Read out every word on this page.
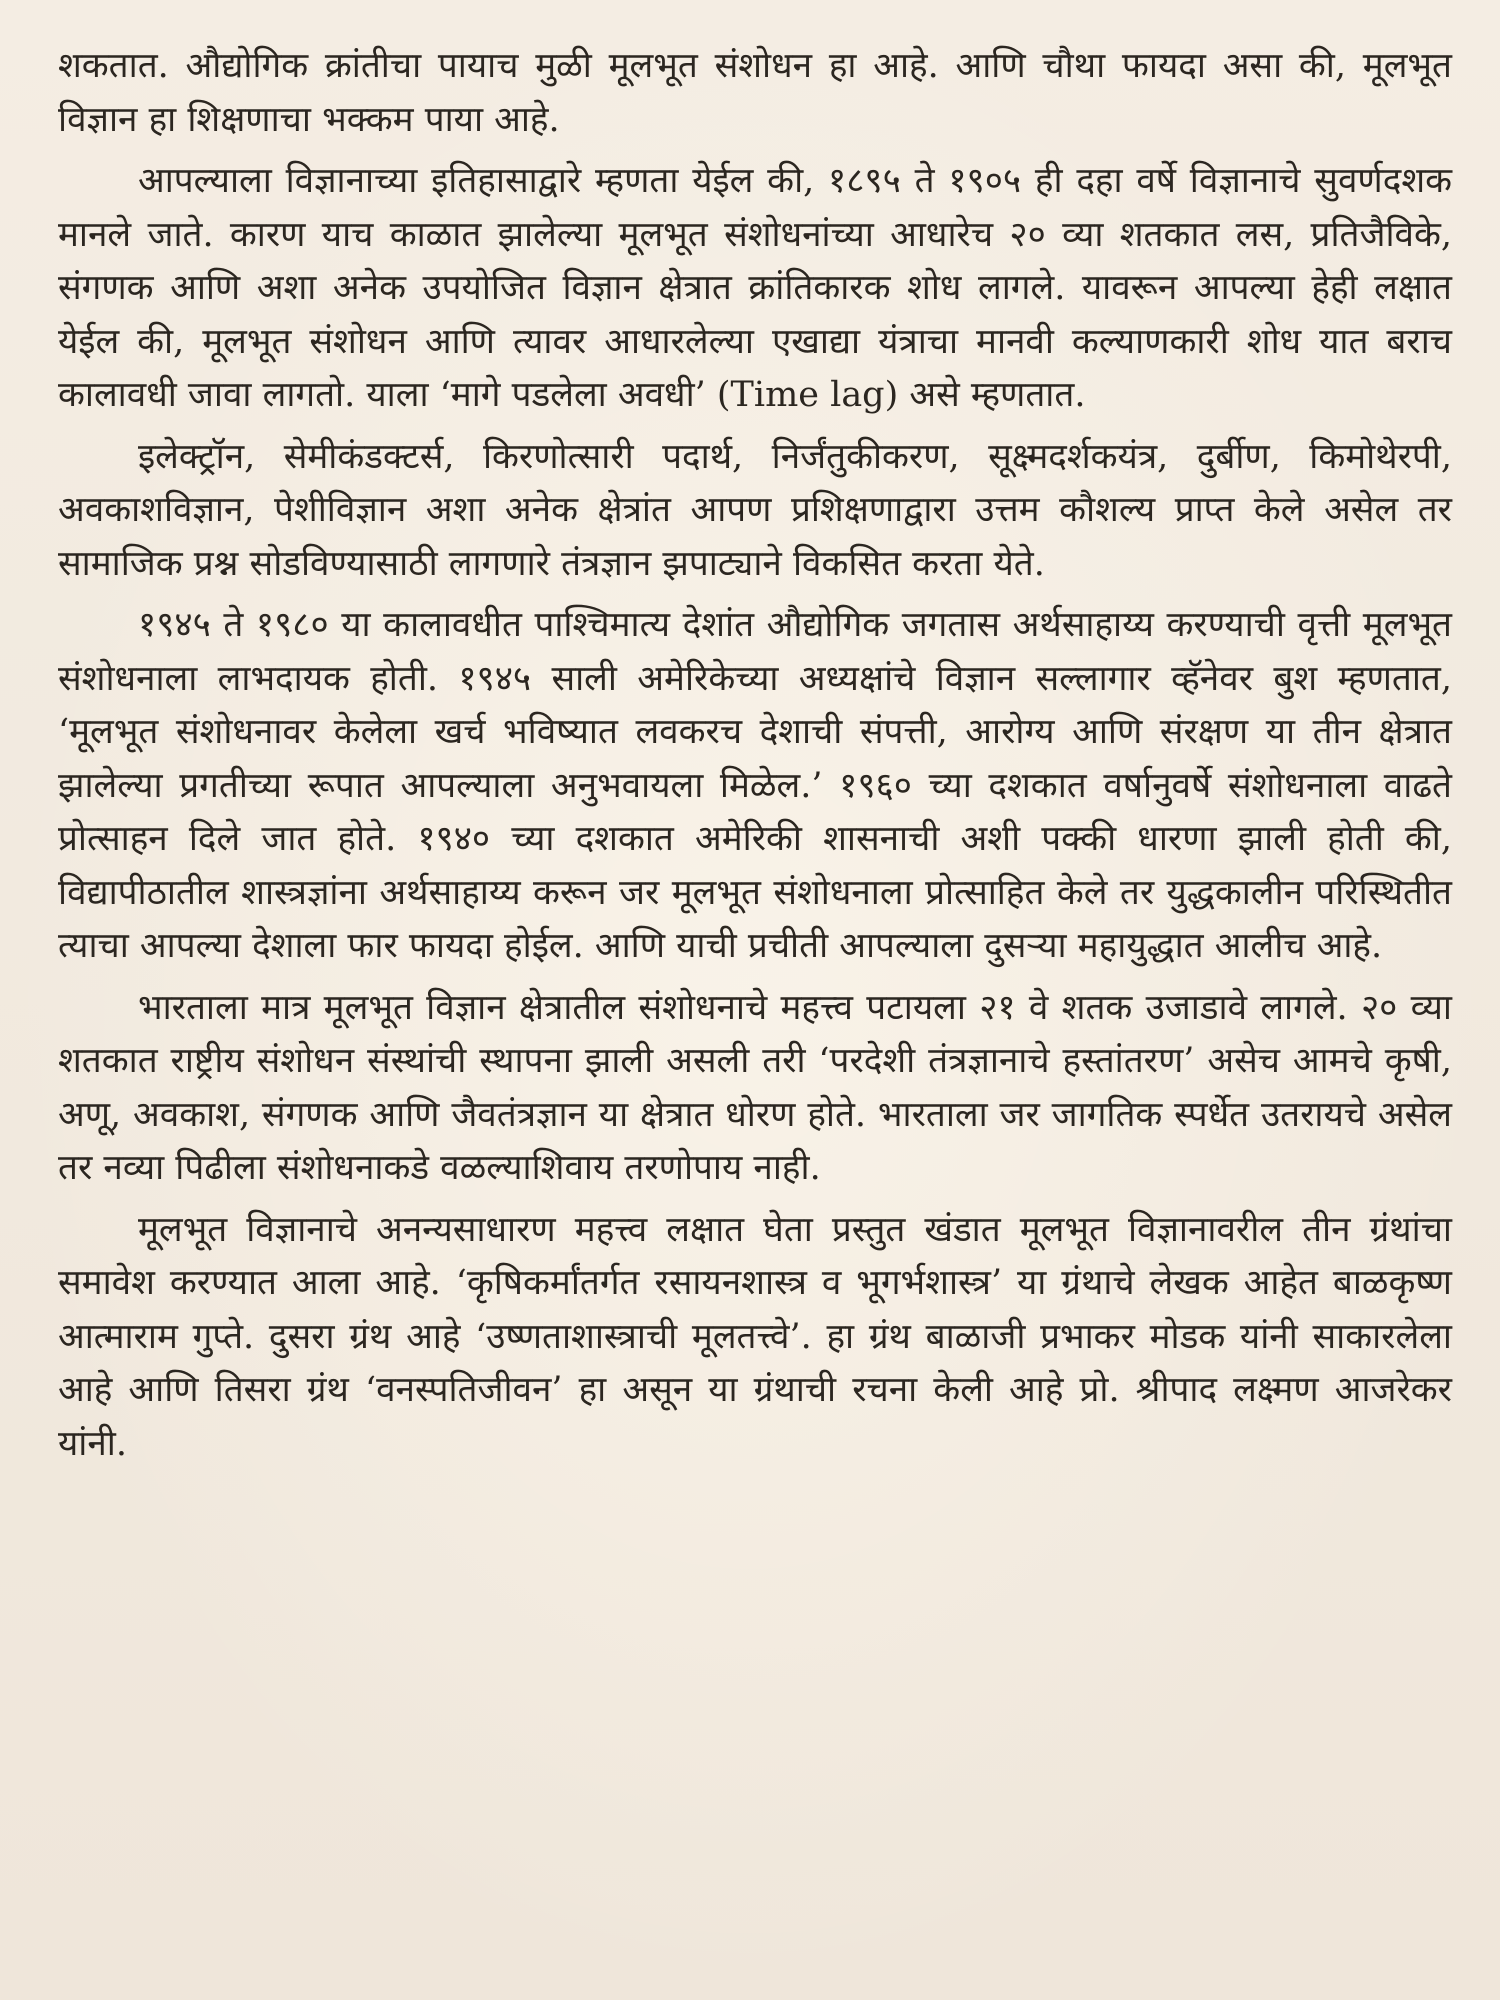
शकतात. औद्योगिक क्रांतीचा पायाच मुळी मूलभूत संशोधन हा आहे. आणि चौथा फायदा असा की, मूलभूत विज्ञान हा शिक्षणाचा भक्कम पाया आहे.

आपल्याला विज्ञानाच्या इतिहासाद्वारे म्हणता येईल की, १८९५ ते १९०५ ही दहा वर्षे विज्ञानाचे सुवर्णदशक मानले जाते. कारण याच काळात झालेल्या मूलभूत संशोधनांच्या आधारेच २० व्या शतकात लस, प्रतिजैविके, संगणक आणि अशा अनेक उपयोजित विज्ञान क्षेत्रात क्रांतिकारक शोध लागले. यावरून आपल्या हेही लक्षात येईल की, मूलभूत संशोधन आणि त्यावर आधारलेल्या एखाद्या यंत्राचा मानवी कल्याणकारी शोध यात बराच कालावधी जावा लागतो. याला ‘मागे पडलेला अवधी’ (Time lag) असे म्हणतात.

इलेक्ट्रॉन, सेमीकंडक्टर्स, किरणोत्सारी पदार्थ, निर्जंतुकीकरण, सूक्ष्मदर्शकयंत्र, दुर्बीण, किमोथेरपी, अवकाशविज्ञान, पेशीविज्ञान अशा अनेक क्षेत्रांत आपण प्रशिक्षणाद्वारा उत्तम कौशल्य प्राप्त केले असेल तर सामाजिक प्रश्न सोडविण्यासाठी लागणारे तंत्रज्ञान झपाट्याने विकसित करता येते.

१९४५ ते १९८० या कालावधीत पाश्चिमात्य देशांत औद्योगिक जगतास अर्थसाहाय्य करण्याची वृत्ती मूलभूत संशोधनाला लाभदायक होती. १९४५ साली अमेरिकेच्या अध्यक्षांचे विज्ञान सल्लागार व्हॅनेवर बुश म्हणतात, ‘मूलभूत संशोधनावर केलेला खर्च भविष्यात लवकरच देशाची संपत्ती, आरोग्य आणि संरक्षण या तीन क्षेत्रात झालेल्या प्रगतीच्या रूपात आपल्याला अनुभवायला मिळेल.’ १९६० च्या दशकात वर्षानुवर्षे संशोधनाला वाढते प्रोत्साहन दिले जात होते. १९४० च्या दशकात अमेरिकी शासनाची अशी पक्की धारणा झाली होती की, विद्यापीठातील शास्त्रज्ञांना अर्थसाहाय्य करून जर मूलभूत संशोधनाला प्रोत्साहित केले तर युद्धकालीन परिस्थितीत त्याचा आपल्या देशाला फार फायदा होईल. आणि याची प्रचीती आपल्याला दुसऱ्या महायुद्धात आलीच आहे.

भारताला मात्र मूलभूत विज्ञान क्षेत्रातील संशोधनाचे महत्त्व पटायला २१ वे शतक उजाडावे लागले. २० व्या शतकात राष्ट्रीय संशोधन संस्थांची स्थापना झाली असली तरी ‘परदेशी तंत्रज्ञानाचे हस्तांतरण’ असेच आमचे कृषी, अणू, अवकाश, संगणक आणि जैवतंत्रज्ञान या क्षेत्रात धोरण होते. भारताला जर जागतिक स्पर्धेत उतरायचे असेल तर नव्या पिढीला संशोधनाकडे वळल्याशिवाय तरणोपाय नाही.

मूलभूत विज्ञानाचे अनन्यसाधारण महत्त्व लक्षात घेता प्रस्तुत खंडात मूलभूत विज्ञानावरील तीन ग्रंथांचा समावेश करण्यात आला आहे. ‘कृषिकर्मांतर्गत रसायनशास्त्र व भूगर्भशास्त्र’ या ग्रंथाचे लेखक आहेत बाळकृष्ण आत्माराम गुप्ते. दुसरा ग्रंथ आहे ‘उष्णताशास्त्राची मूलतत्त्वे’. हा ग्रंथ बाळाजी प्रभाकर मोडक यांनी साकारलेला आहे आणि तिसरा ग्रंथ ‘वनस्पतिजीवन’ हा असून या ग्रंथाची रचना केली आहे प्रो. श्रीपाद लक्ष्मण आजरेकर यांनी.
